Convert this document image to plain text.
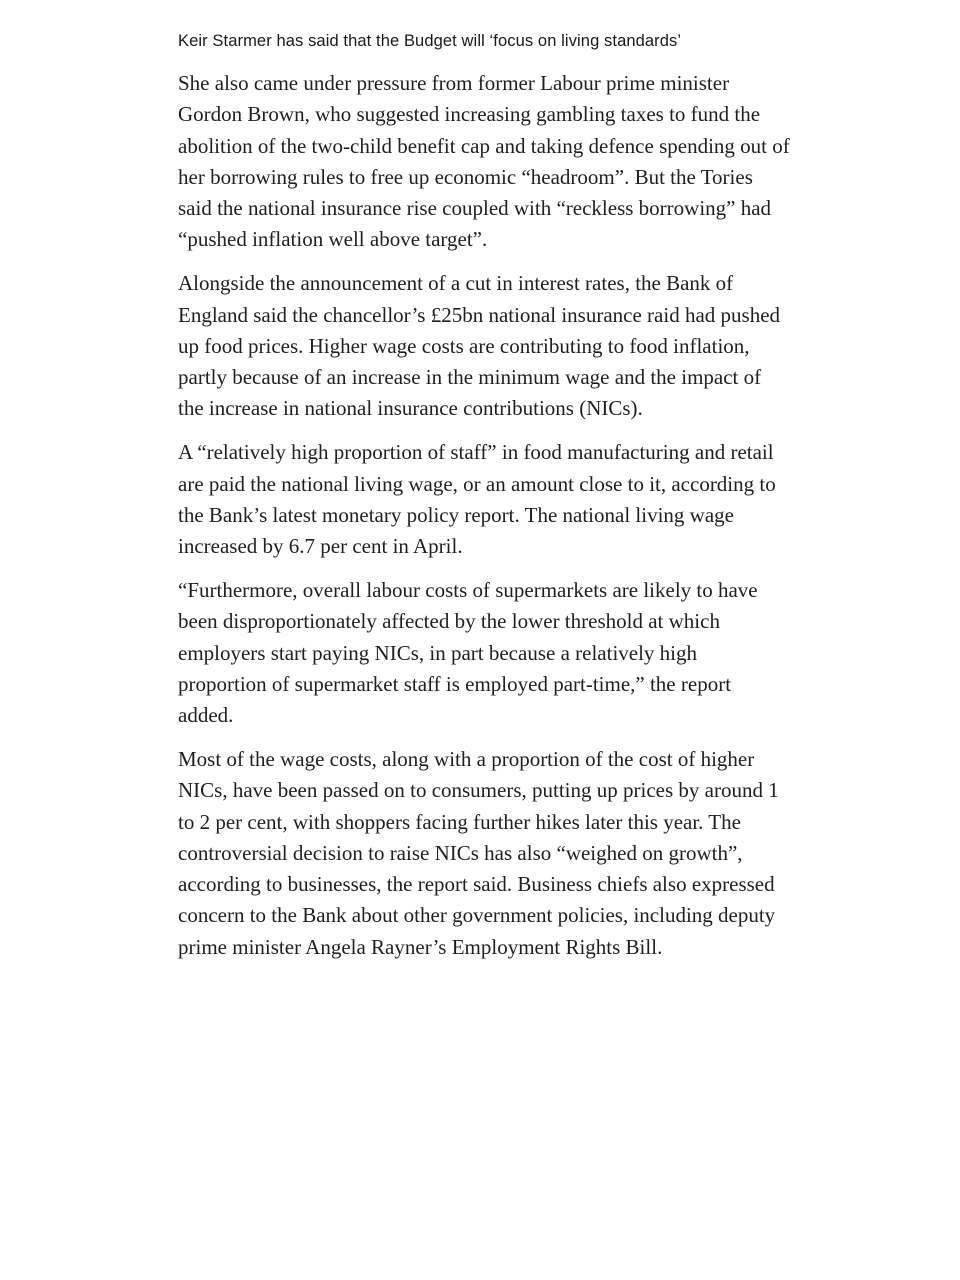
Keir Starmer has said that the Budget will ‘focus on living standards’

She also came under pressure from former Labour prime minister Gordon Brown, who suggested increasing gambling taxes to fund the abolition of the two-child benefit cap and taking defence spending out of her borrowing rules to free up economic “headroom”. But the Tories said the national insurance rise coupled with “reckless borrowing” had “pushed inflation well above target”.

Alongside the announcement of a cut in interest rates, the Bank of England said the chancellor’s £25bn national insurance raid had pushed up food prices. Higher wage costs are contributing to food inflation, partly because of an increase in the minimum wage and the impact of the increase in national insurance contributions (NICs).

A “relatively high proportion of staff” in food manufacturing and retail are paid the national living wage, or an amount close to it, according to the Bank’s latest monetary policy report. The national living wage increased by 6.7 per cent in April.

“Furthermore, overall labour costs of supermarkets are likely to have been disproportionately affected by the lower threshold at which employers start paying NICs, in part because a relatively high proportion of supermarket staff is employed part-time,” the report added.

Most of the wage costs, along with a proportion of the cost of higher NICs, have been passed on to consumers, putting up prices by around 1 to 2 per cent, with shoppers facing further hikes later this year. The controversial decision to raise NICs has also “weighed on growth”, according to businesses, the report said. Business chiefs also expressed concern to the Bank about other government policies, including deputy prime minister Angela Rayner’s Employment Rights Bill.
